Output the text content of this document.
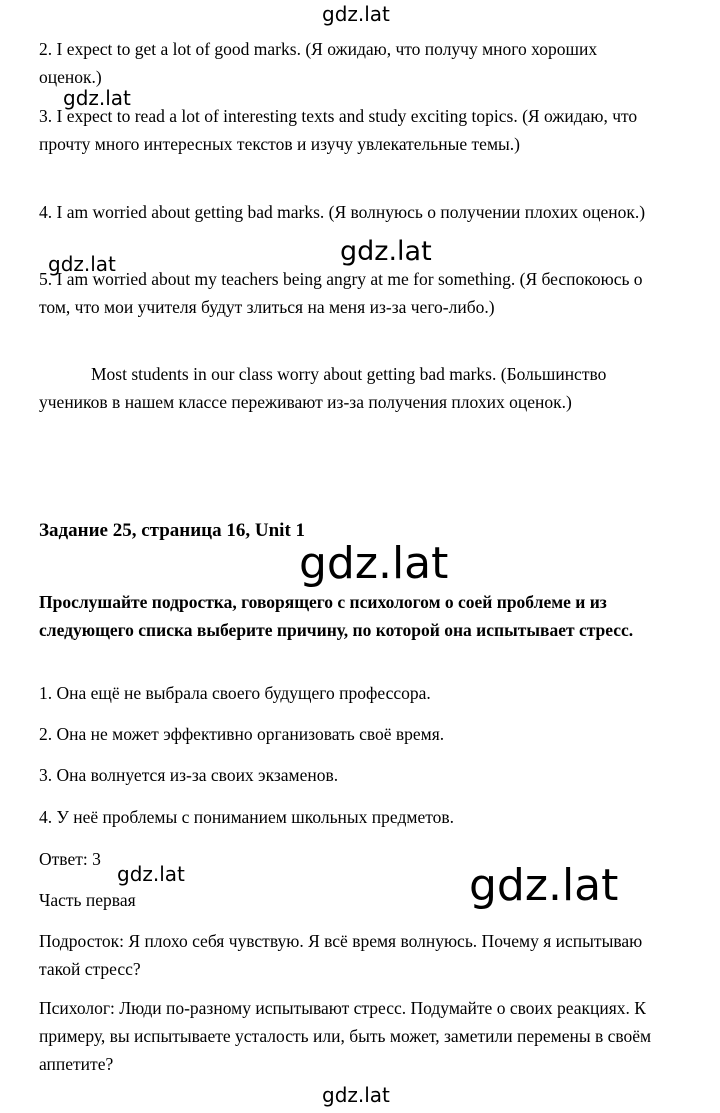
gdz.lat
gdz.lat
gdz.lat
gdz.lat
gdz.lat
gdz.lat	gdz.lat
gdz.lat

2. I expect to get a lot of good marks. (Я ожидаю, что получу много хороших оценок.)

3. I expect to read a lot of interesting texts and study exciting topics. (Я ожидаю, что прочту много интересных текстов и изучу увлекательные темы.)

4. I am worried about getting bad marks. (Я волнуюсь о получении плохих оценок.)

5. I am worried about my teachers being angry at me for something. (Я беспокоюсь о том, что мои учителя будут злиться на меня из-за чего-либо.)

Most students in our class worry about getting bad marks. (Большинство учеников в нашем классе переживают из-за получения плохих оценок.)

Задание 25, страница 16, Unit 1

Прослушайте подростка, говорящего с психологом о соей проблеме и из следующего списка выберите причину, по которой она испытывает стресс.

1. Она ещё не выбрала своего будущего професcора.

2. Она не может эффективно организовать своё время.

3. Она волнуется из-за своих экзаменов.

4. У неё проблемы с пониманием школьных предметов.

Ответ: 3

Часть первая

Подросток: Я плохо себя чувствую. Я всё время волнуюсь. Почему я испытываю такой стресс?

Психолог: Люди по-разному испытывают стресс. Подумайте о своих реакциях. К примеру, вы испытываете усталость или, быть может, заметили перемены в своём аппетите?
